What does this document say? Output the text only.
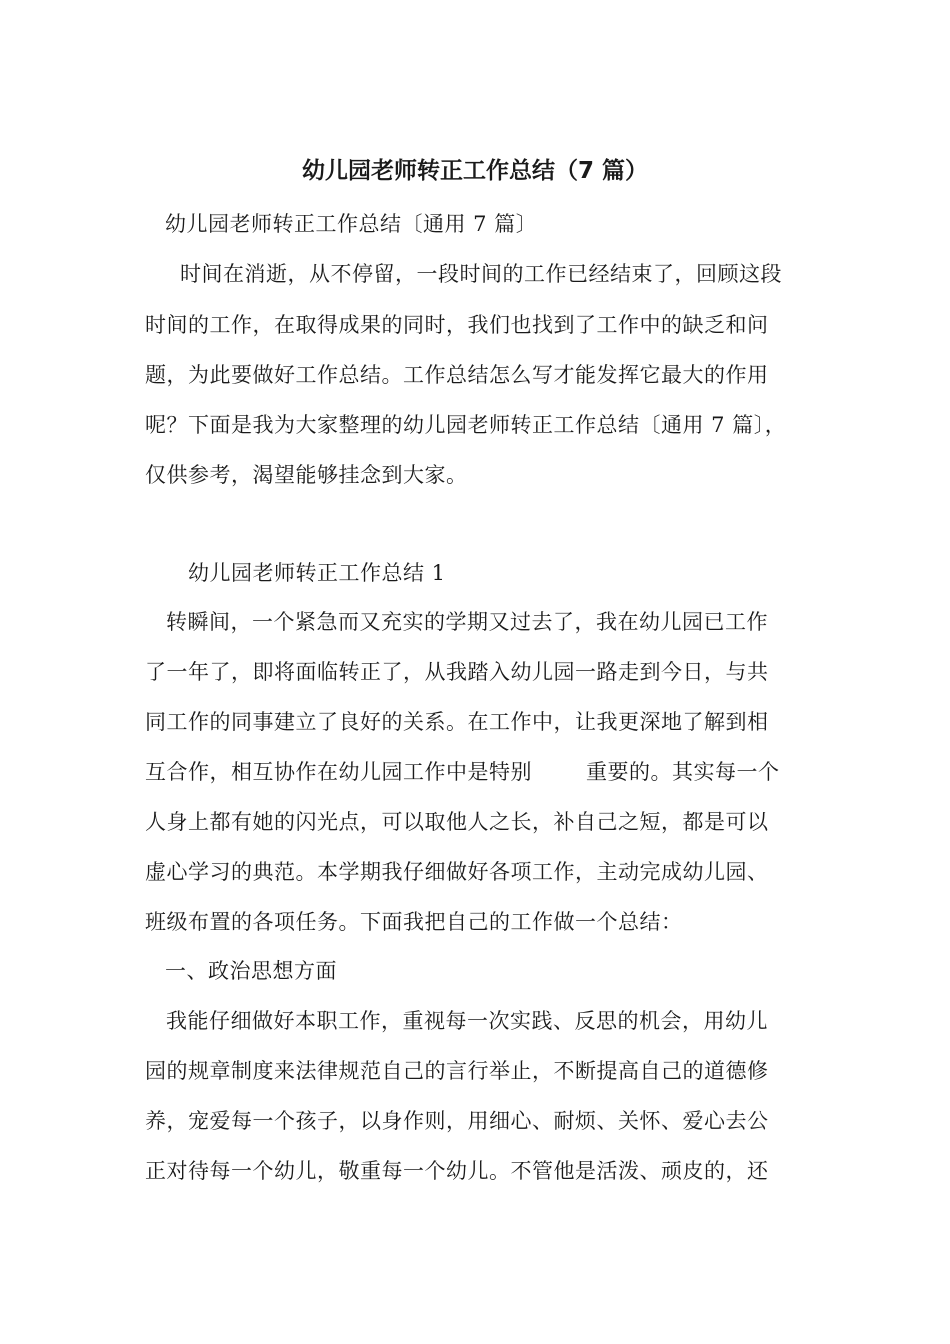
幼儿园老师转正工作总结（7 篇）
幼儿园老师转正工作总结〔通用 7 篇〕
时间在消逝，从不停留，一段时间的工作已经结束了，回顾这段
时间的工作，在取得成果的同时，我们也找到了工作中的缺乏和问
题，为此要做好工作总结。工作总结怎么写才能发挥它最大的作用
呢？下面是我为大家整理的幼儿园老师转正工作总结〔通用 7 篇〕，
仅供参考，渴望能够挂念到大家。
幼儿园老师转正工作总结 1
转瞬间，一个紧急而又充实的学期又过去了，我在幼儿园已工作
了一年了，即将面临转正了，从我踏入幼儿园一路走到今日，与共
同工作的同事建立了良好的关系。在工作中，让我更深地了解到相
互合作，相互协作在幼儿园工作中是特别	重要的。其实每一个
人身上都有她的闪光点，可以取他人之长，补自己之短，都是可以
虚心学习的典范。本学期我仔细做好各项工作，主动完成幼儿园、
班级布置的各项任务。下面我把自己的工作做一个总结：
一、政治思想方面
我能仔细做好本职工作，重视每一次实践、反思的机会，用幼儿
园的规章制度来法律规范自己的言行举止，不断提高自己的道德修
养，宠爱每一个孩子，以身作则，用细心、耐烦、关怀、爱心去公
正对待每一个幼儿，敬重每一个幼儿。不管他是活泼、顽皮的，还
